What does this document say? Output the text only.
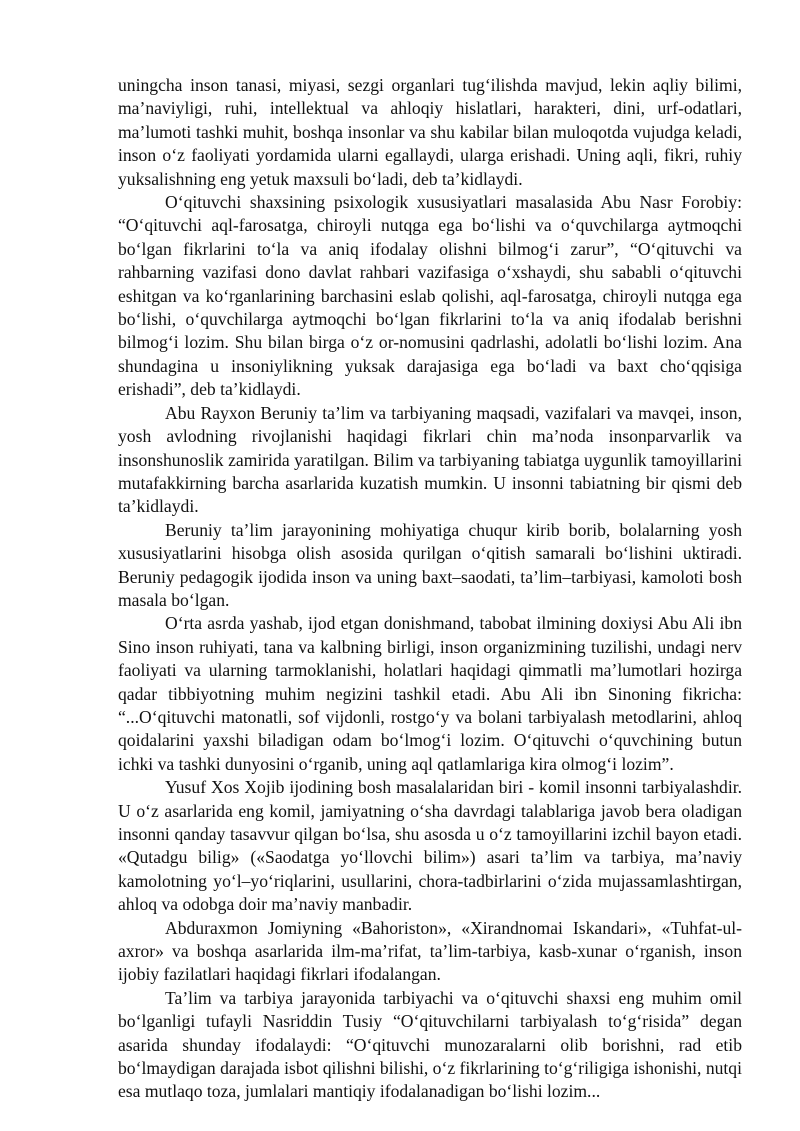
uningcha inson tanasi, miyasi, sezgi organlari tug‘ilishda mavjud, lekin aqliy bilimi, ma’naviyligi, ruhi, intellektual va ahloqiy hislatlari, harakteri, dini, urf-odatlari, ma’lumoti tashki muhit, boshqa insonlar va shu kabilar bilan muloqotda vujudga keladi, inson o‘z faoliyati yordamida ularni egallaydi, ularga erishadi. Uning aqli, fikri, ruhiy yuksalishning eng yetuk maxsuli bo‘ladi, deb ta’kidlaydi.

O‘qituvchi shaxsining psixologik xususiyatlari masalasida Abu Nasr Forobiy: “O‘qituvchi aql-farosatga, chiroyli nutqga ega bo‘lishi va o‘quvchilarga aytmoqchi bo‘lgan fikrlarini to‘la va aniq ifodalay olishni bilmog‘i zarur”, “O‘qituvchi va rahbarning vazifasi dono davlat rahbari vazifasiga o‘xshaydi, shu sababli o‘qituvchi eshitgan va ko‘rganlarining barchasini eslab qolishi, aql-farosatga, chiroyli nutqga ega bo‘lishi, o‘quvchilarga aytmoqchi bo‘lgan fikrlarini to‘la va aniq ifodalab berishni bilmog‘i lozim. Shu bilan birga o‘z or-nomusini qadrlashi, adolatli bo‘lishi lozim. Ana shundagina u insoniylikning yuksak darajasiga ega bo‘ladi va baxt cho‘qqisiga erishadi”, deb ta’kidlaydi.

Abu Rayxon Beruniy ta’lim va tarbiyaning maqsadi, vazifalari va mavqei, inson, yosh avlodning rivojlanishi haqidagi fikrlari chin ma’noda insonparvarlik va insonshunoslik zamirida yaratilgan. Bilim va tarbiyaning tabiatga uygunlik tamoyillarini mutafakkirning barcha asarlarida kuzatish mumkin. U insonni tabiatning bir qismi deb ta’kidlaydi.

Beruniy ta’lim jarayonining mohiyatiga chuqur kirib borib, bolalarning yosh xususiyatlarini hisobga olish asosida qurilgan o‘qitish samarali bo‘lishini uktiradi. Beruniy pedagogik ijodida inson va uning baxt–saodati, ta’lim–tarbiyasi, kamoloti bosh masala bo‘lgan.

O‘rta asrda yashab, ijod etgan donishmand, tabobat ilmining doxiysi Abu Ali ibn Sino inson ruhiyati, tana va kalbning birligi, inson organizmining tuzilishi, undagi nerv faoliyati va ularning tarmoklanishi, holatlari haqidagi qimmatli ma’lumotlari hozirga qadar tibbiyotning muhim negizini tashkil etadi. Abu Ali ibn Sinoning fikricha: “...O‘qituvchi matonatli, sof vijdonli, rostgo‘y va bolani tarbiyalash metodlarini, ahloq qoidalarini yaxshi biladigan odam bo‘lmog‘i lozim. O‘qituvchi o‘quvchining butun ichki va tashki dunyosini o‘rganib, uning aql qatlamlariga kira olmog‘i lozim”.

Yusuf Xos Xojib ijodining bosh masalalaridan biri - komil insonni tarbiyalashdir. U o‘z asarlarida eng komil, jamiyatning o‘sha davrdagi talablariga javob bera oladigan insonni qanday tasavvur qilgan bo‘lsa, shu asosda u o‘z tamoyillarini izchil bayon etadi. «Qutadgu bilig» («Saodatga yo‘llovchi bilim») asari ta’lim va tarbiya, ma’naviy kamolotning yo‘l–yo‘riqlarini, usullarini, chora-tadbirlarini o‘zida mujassamlashtirgan, ahloq va odobga doir ma’naviy manbadir.

Abduraxmon Jomiyning «Bahoriston», «Xirandnomai Iskandari», «Tuhfat-ul-axror» va boshqa asarlarida ilm-ma’rifat, ta’lim-tarbiya, kasb-xunar o‘rganish, inson ijobiy fazilatlari haqidagi fikrlari ifodalangan.

Ta’lim va tarbiya jarayonida tarbiyachi va o‘qituvchi shaxsi eng muhim omil bo‘lganligi tufayli Nasriddin Tusiy “O‘qituvchilarni tarbiyalash to‘g‘risida” degan asarida shunday ifodalaydi: “O‘qituvchi munozaralarni olib borishni, rad etib bo‘lmaydigan darajada isbot qilishni bilishi, o‘z fikrlarining to‘g‘riligiga ishonishi, nutqi esa mutlaqo toza, jumlalari mantiqiy ifodalanadigan bo‘lishi lozim...
